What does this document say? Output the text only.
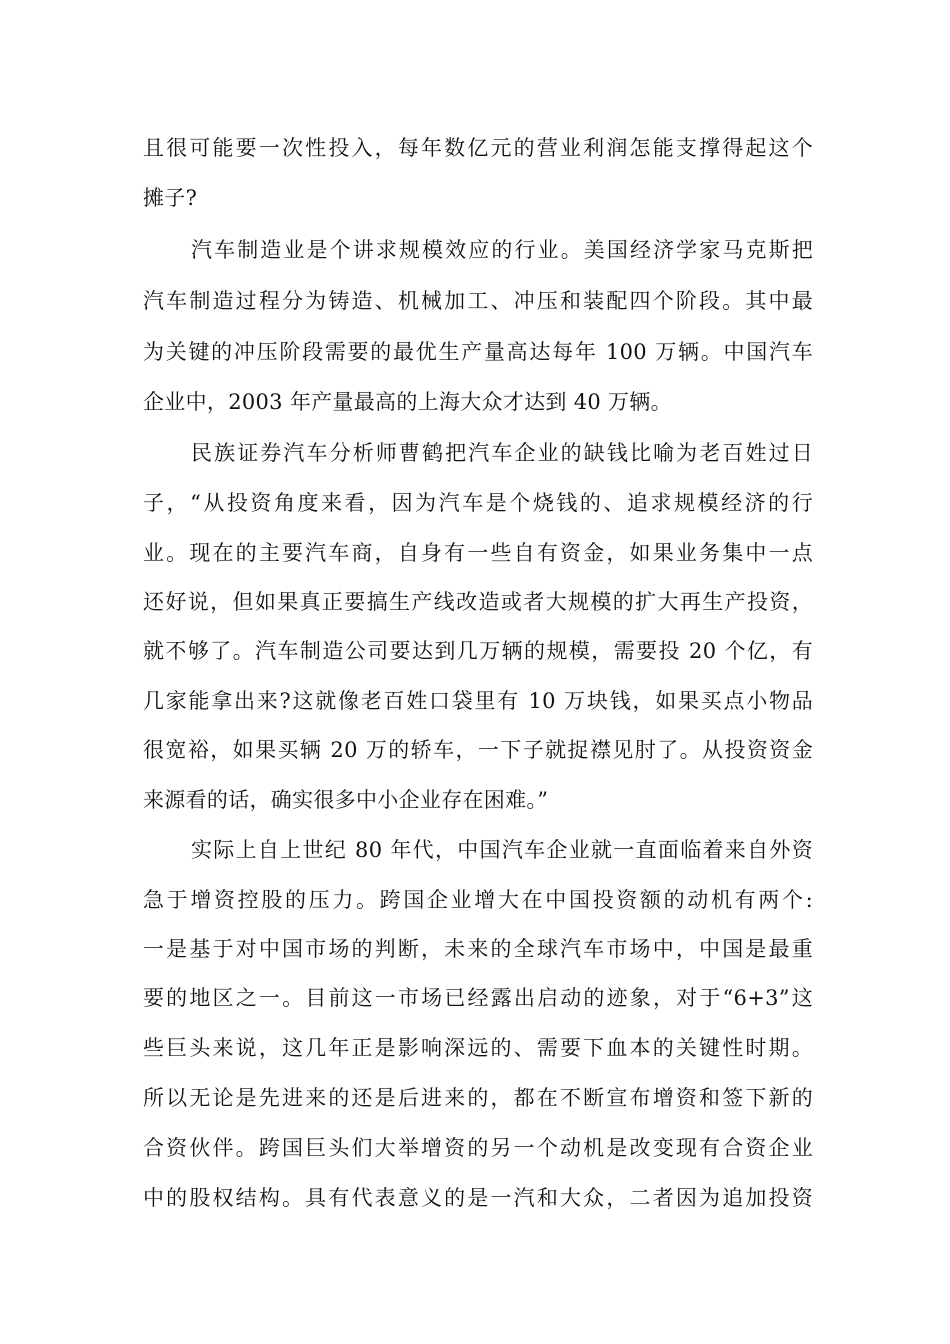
且很可能要一次性投入，每年数亿元的营业利润怎能支撑得起这个
摊子?
汽车制造业是个讲求规模效应的行业。美国经济学家马克斯把
汽车制造过程分为铸造、机械加工、冲压和装配四个阶段。其中最
为关键的冲压阶段需要的最优生产量高达每年 100 万辆。中国汽车
企业中，2003 年产量最高的上海大众才达到 40 万辆。
民族证券汽车分析师曹鹤把汽车企业的缺钱比喻为老百姓过日
子，“从投资角度来看，因为汽车是个烧钱的、追求规模经济的行
业。现在的主要汽车商，自身有一些自有资金，如果业务集中一点
还好说，但如果真正要搞生产线改造或者大规模的扩大再生产投资，
就不够了。汽车制造公司要达到几万辆的规模，需要投 20 个亿，有
几家能拿出来?这就像老百姓口袋里有 10 万块钱，如果买点小物品
很宽裕，如果买辆 20 万的轿车，一下子就捉襟见肘了。从投资资金
来源看的话，确实很多中小企业存在困难。”
实际上自上世纪 80 年代，中国汽车企业就一直面临着来自外资
急于增资控股的压力。跨国企业增大在中国投资额的动机有两个:
一是基于对中国市场的判断，未来的全球汽车市场中，中国是最重
要的地区之一。目前这一市场已经露出启动的迹象，对于“6+3”这
些巨头来说，这几年正是影响深远的、需要下血本的关键性时期。
所以无论是先进来的还是后进来的，都在不断宣布增资和签下新的
合资伙伴。跨国巨头们大举增资的另一个动机是改变现有合资企业
中的股权结构。具有代表意义的是一汽和大众，二者因为追加投资
